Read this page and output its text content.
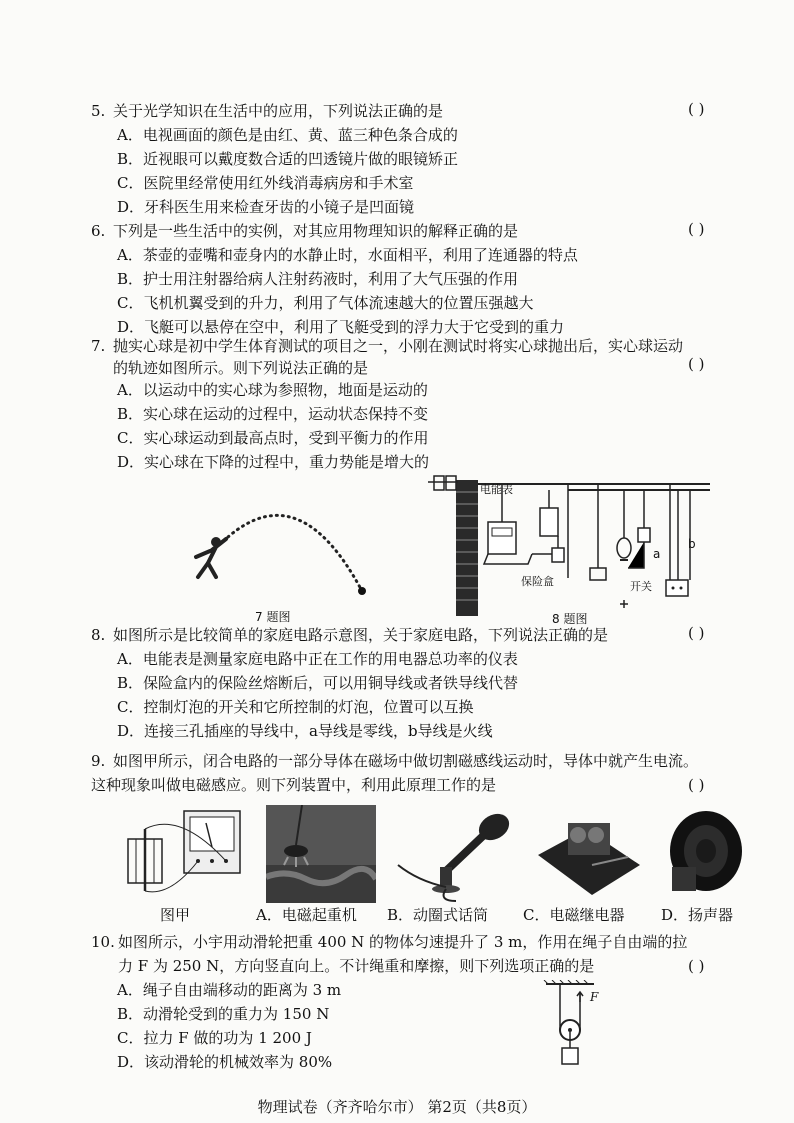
5. 关于光学知识在生活中的应用，下列说法正确的是	( )
A．电视画面的颜色是由红、黄、蓝三种色条合成的
B．近视眼可以戴度数合适的凹透镜片做的眼镜矫正
C．医院里经常使用红外线消毒病房和手术室
D．牙科医生用来检查牙齿的小镜子是凹面镜
6. 下列是一些生活中的实例，对其应用物理知识的解释正确的是	( )
A．茶壶的壶嘴和壶身内的水静止时，水面相平，利用了连通器的特点
B．护士用注射器给病人注射药液时，利用了大气压强的作用
C．飞机机翼受到的升力，利用了气体流速越大的位置压强越大
D．飞艇可以悬停在空中，利用了飞艇受到的浮力大于它受到的重力
7. 抛实心球是初中学生体育测试的项目之一，小刚在测试时将实心球抛出后，实心球运动
的轨迹如图所示。则下列说法正确的是	( )
A．以运动中的实心球为参照物，地面是运动的
B．实心球在运动的过程中，运动状态保持不变
C．实心球运动到最高点时，受到平衡力的作用
D．实心球在下降的过程中，重力势能是增大的
7 题图
电能表
保险盒	开关
a
b
8 题图
8. 如图所示是比较简单的家庭电路示意图，关于家庭电路，下列说法正确的是	( )
A．电能表是测量家庭电路中正在工作的用电器总功率的仪表
B．保险盒内的保险丝熔断后，可以用铜导线或者铁导线代替
C．控制灯泡的开关和它所控制的灯泡，位置可以互换
D．连接三孔插座的导线中，a导线是零线，b导线是火线
9. 如图甲所示，闭合电路的一部分导体在磁场中做切割磁感线运动时，导体中就产生电流。
这种现象叫做电磁感应。则下列装置中，利用此原理工作的是	( )
图甲	A．电磁起重机 B．动圈式话筒 C．电磁继电器 D．扬声器
10. 如图所示，小宇用动滑轮把重 400 N 的物体匀速提升了 3 m，作用在绳子自由端的拉
力 F 为 250 N，方向竖直向上。不计绳重和摩擦，则下列选项正确的是	( )
A．绳子自由端移动的距离为 3 m
B．动滑轮受到的重力为 150 N
C．拉力 F 做的功为 1 200 J
D．该动滑轮的机械效率为 80%
F
物理试卷（齐齐哈尔市） 第2页（共8页）
